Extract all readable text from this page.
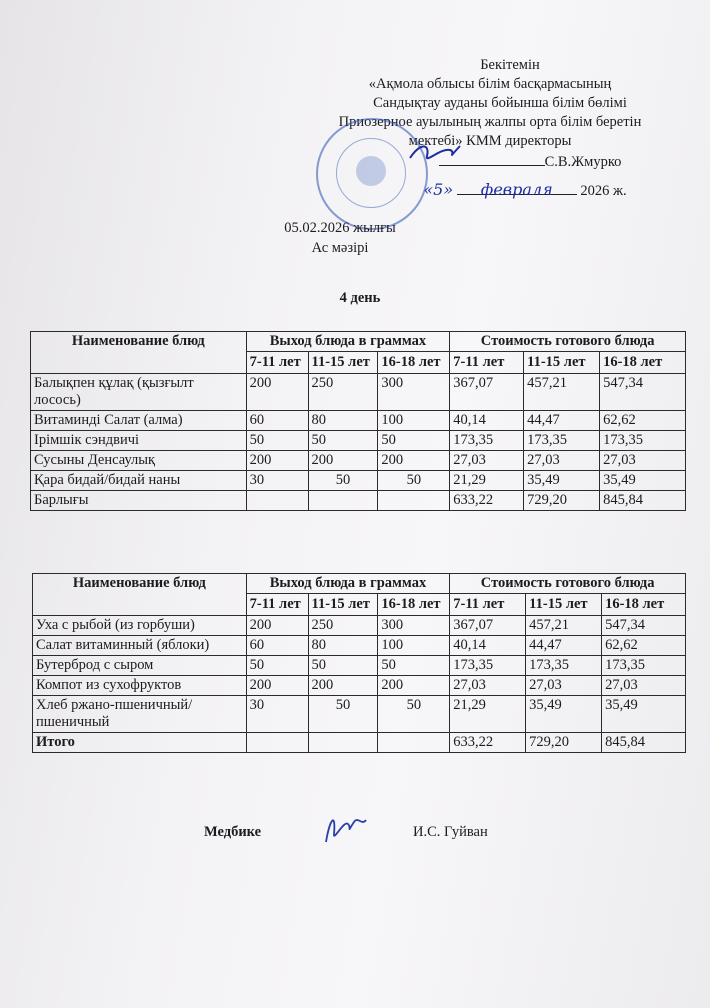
Бекітемін
«Ақмола облысы білім басқармасының
Сандықтау ауданы бойынша білім бөлімі
Приозерное ауылының жалпы орта білім беретін
мектебі» КММ директоры
С.В.Жмурко
«5» февраля 2026 ж.
05.02.2026 жылғы
Ас мәзірі
4 день
Наименование блюд	Выход блюда в граммах			Стоимость готового блюда		
	7-11 лет	11-15 лет	16-18 лет	7-11 лет	11-15 лет	16-18 лет
Балықпен құлақ (қызғылт лосось)	200	250	300	367,07	457,21	547,34
Витаминді Салат (алма)	60	80	100	40,14	44,47	62,62
Ірімшік сэндвичі	50	50	50	173,35	173,35	173,35
Сусыны Денсаулық	200	200	200	27,03	27,03	27,03
Қара бидай/бидай наны	30	50	50	21,29	35,49	35,49
Барлығы				633,22	729,20	845,84
Наименование блюд	Выход блюда в граммах			Стоимость готового блюда		
	7-11 лет	11-15 лет	16-18 лет	7-11 лет	11-15 лет	16-18 лет
Уха с рыбой (из горбуши)	200	250	300	367,07	457,21	547,34
Салат витаминный (яблоки)	60	80	100	40,14	44,47	62,62
Бутерброд с сыром	50	50	50	173,35	173,35	173,35
Компот из сухофруктов	200	200	200	27,03	27,03	27,03
Хлеб ржано-пшеничный/пшеничный	30	50	50	21,29	35,49	35,49
Итого				633,22	729,20	845,84
Медбике	И.С. Гуйван
